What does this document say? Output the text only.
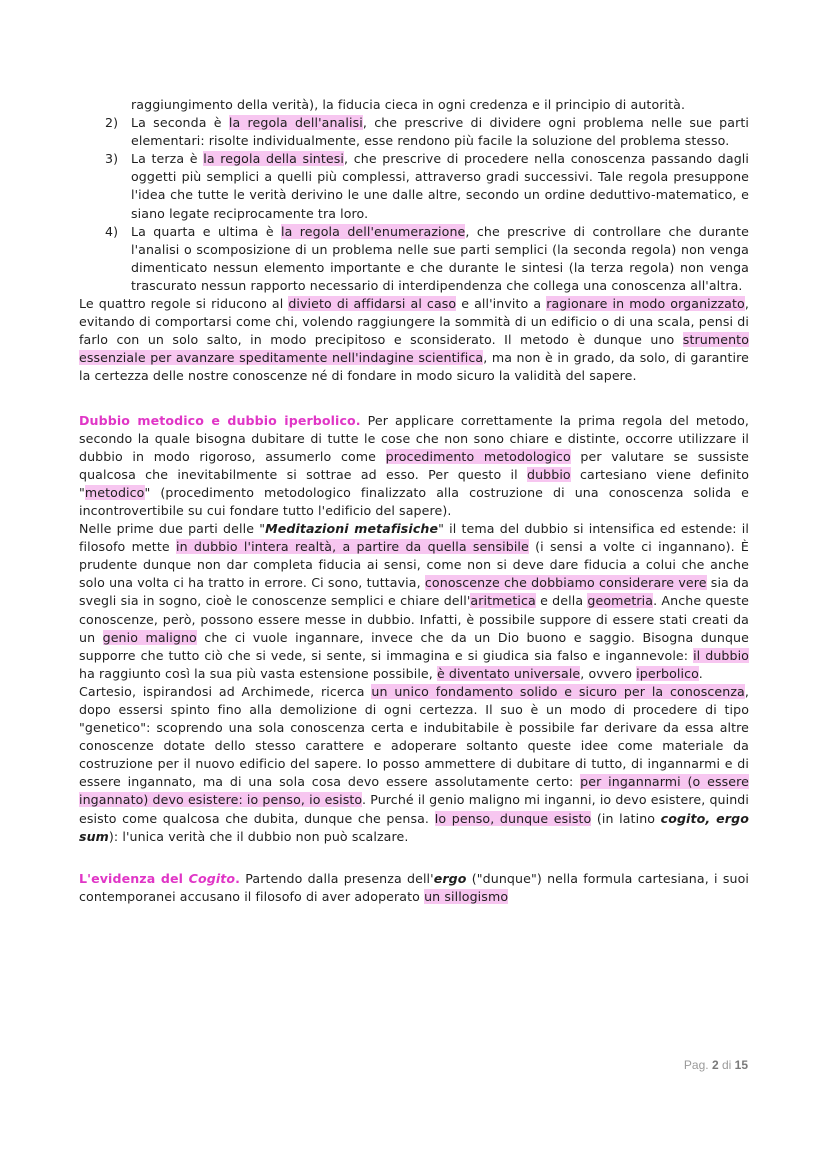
raggiungimento della verità), la fiducia cieca in ogni credenza e il principio di autorità.

2) La seconda è la regola dell'analisi, che prescrive di dividere ogni problema nelle sue parti elementari: risolte individualmente, esse rendono più facile la soluzione del problema stesso.
3) La terza è la regola della sintesi, che prescrive di procedere nella conoscenza passando dagli oggetti più semplici a quelli più complessi, attraverso gradi successivi. Tale regola presuppone l'idea che tutte le verità derivino le une dalle altre, secondo un ordine deduttivo-matematico, e siano legate reciprocamente tra loro.
4) La quarta e ultima è la regola dell'enumerazione, che prescrive di controllare che durante l'analisi o scomposizione di un problema nelle sue parti semplici (la seconda regola) non venga dimenticato nessun elemento importante e che durante le sintesi (la terza regola) non venga trascurato nessun rapporto necessario di interdipendenza che collega una conoscenza all'altra.

Le quattro regole si riducono al divieto di affidarsi al caso e all'invito a ragionare in modo organizzato, evitando di comportarsi come chi, volendo raggiungere la sommità di un edificio o di una scala, pensi di farlo con un solo salto, in modo precipitoso e sconsiderato. Il metodo è dunque uno strumento essenziale per avanzare speditamente nell'indagine scientifica, ma non è in grado, da solo, di garantire la certezza delle nostre conoscenze né di fondare in modo sicuro la validità del sapere.

Dubbio metodico e dubbio iperbolico. Per applicare correttamente la prima regola del metodo, secondo la quale bisogna dubitare di tutte le cose che non sono chiare e distinte, occorre utilizzare il dubbio in modo rigoroso, assumerlo come procedimento metodologico per valutare se sussiste qualcosa che inevitabilmente si sottrae ad esso. Per questo il dubbio cartesiano viene definito "metodico" (procedimento metodologico finalizzato alla costruzione di una conoscenza solida e incontrovertibile su cui fondare tutto l'edificio del sapere).

Nelle prime due parti delle "Meditazioni metafisiche" il tema del dubbio si intensifica ed estende: il filosofo mette in dubbio l'intera realtà, a partire da quella sensibile (i sensi a volte ci ingannano). È prudente dunque non dar completa fiducia ai sensi, come non si deve dare fiducia a colui che anche solo una volta ci ha tratto in errore. Ci sono, tuttavia, conoscenze che dobbiamo considerare vere sia da svegli sia in sogno, cioè le conoscenze semplici e chiare dell'aritmetica e della geometria. Anche queste conoscenze, però, possono essere messe in dubbio. Infatti, è possibile suppore di essere stati creati da un genio maligno che ci vuole ingannare, invece che da un Dio buono e saggio. Bisogna dunque supporre che tutto ciò che si vede, si sente, si immagina e si giudica sia falso e ingannevole: il dubbio ha raggiunto così la sua più vasta estensione possibile, è diventato universale, ovvero iperbolico.

Cartesio, ispirandosi ad Archimede, ricerca un unico fondamento solido e sicuro per la conoscenza, dopo essersi spinto fino alla demolizione di ogni certezza. Il suo è un modo di procedere di tipo "genetico": scoprendo una sola conoscenza certa e indubitabile è possibile far derivare da essa altre conoscenze dotate dello stesso carattere e adoperare soltanto queste idee come materiale da costruzione per il nuovo edificio del sapere. Io posso ammettere di dubitare di tutto, di ingannarmi e di essere ingannato, ma di una sola cosa devo essere assolutamente certo: per ingannarmi (o essere ingannato) devo esistere: io penso, io esisto. Purché il genio maligno mi inganni, io devo esistere, quindi esisto come qualcosa che dubita, dunque che pensa. Io penso, dunque esisto (in latino cogito, ergo sum): l'unica verità che il dubbio non può scalzare.

L'evidenza del Cogito. Partendo dalla presenza dell'ergo ("dunque") nella formula cartesiana, i suoi contemporanei accusano il filosofo di aver adoperato un sillogismo

Pag. 2 di 15
